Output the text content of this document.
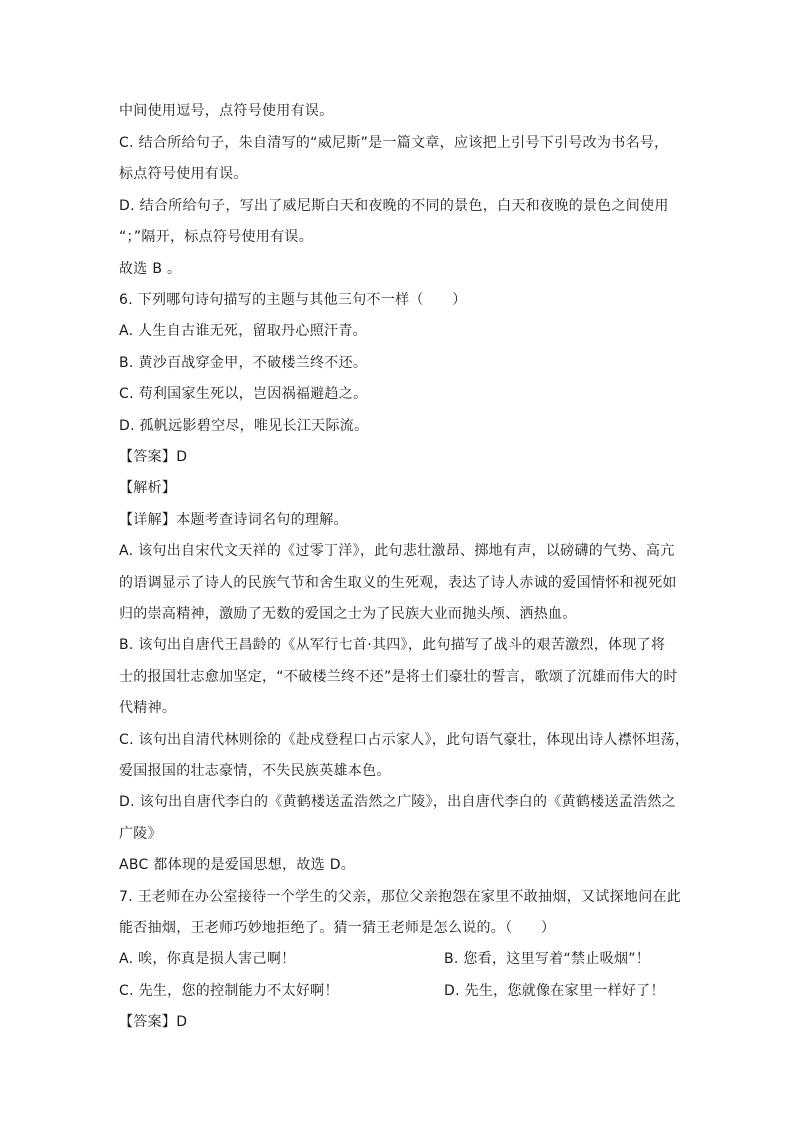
中间使用逗号，点符号使用有误。
C. 结合所给句子，朱自清写的“威尼斯”是一篇文章，应该把上引号下引号改为书名号，
标点符号使用有误。
D. 结合所给句子，写出了威尼斯白天和夜晚的不同的景色，白天和夜晚的景色之间使用
“；”隔开，标点符号使用有误。
故选 B 。
6. 下列哪句诗句描写的主题与其他三句不一样（　　）
A. 人生自古谁无死，留取丹心照汗青。
B. 黄沙百战穿金甲，不破楼兰终不还。
C. 苟利国家生死以，岂因祸福避趋之。
D. 孤帆远影碧空尽，唯见长江天际流。
【答案】D
【解析】
【详解】本题考查诗词名句的理解。
A. 该句出自宋代文天祥的《过零丁洋》，此句悲壮激昂、掷地有声，以磅礴的气势、高亢
的语调显示了诗人的民族气节和舍生取义的生死观，表达了诗人赤诚的爱国情怀和视死如
归的崇高精神，激励了无数的爱国之士为了民族大业而抛头颅、洒热血。
B. 该句出自唐代王昌龄的《从军行七首·其四》，此句描写了战斗的艰苦激烈，体现了将
士的报国壮志愈加坚定，“不破楼兰终不还”是将士们豪壮的誓言，歌颂了沉雄而伟大的时
代精神。
C. 该句出自清代林则徐的《赴戍登程口占示家人》，此句语气豪壮，体现出诗人襟怀坦荡，
爱国报国的壮志豪情，不失民族英雄本色。
D. 该句出自唐代李白的《黄鹤楼送孟浩然之广陵》，出自唐代李白的《黄鹤楼送孟浩然之
广陵》
ABC 都体现的是爱国思想，故选 D。
7. 王老师在办公室接待一个学生的父亲，那位父亲抱怨在家里不敢抽烟，又试探地问在此
能否抽烟，王老师巧妙地拒绝了。猜一猜王老师是怎么说的。（　　）
A. 唉，你真是损人害己啊！	B. 您看，这里写着“禁止吸烟”！
C. 先生，您的控制能力不太好啊！	D. 先生，您就像在家里一样好了！
【答案】D
